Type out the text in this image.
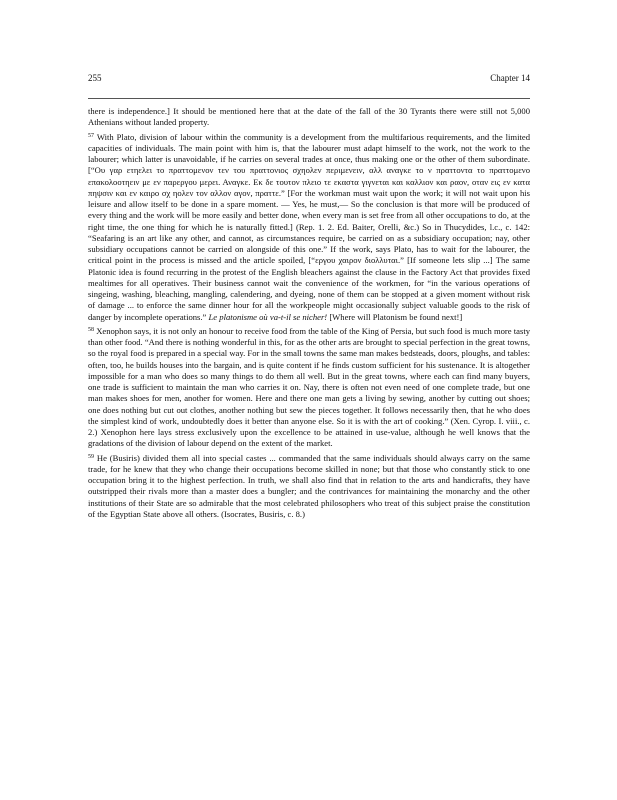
255	Chapter 14

there is independence.] It should be mentioned here that at the date of the fall of the 30 Tyrants there were still not 5,000 Athenians without landed property.

$^{57}$ With Plato, division of labour within the community is a development from the multifarious requirements, and the limited capacities of individuals. The main point with him is, that the labourer must adapt himself to the work, not the work to the labourer; which latter is unavoidable, if he carries on several trades at once, thus making one or the other of them subordinate. [“Ου γαρ ετηελει το πραττομενον τεν του πραττονιος σχηολεν περιμενειν, αλλ αναγκε το ν πραττοντα το πραττομενο επακολοοτηειν με εν παρεργου μερει. Αναγκε. Εκ δε τουτον πλειο τε εκαστα γιγνεται και καλλιον και ραον, οταν εις εν κατα πηψσιν και εν καιρο σχ ηολεν τον αλλον αγον, πραττε.” [For the workman must wait upon the work; it will not wait upon his leisure and allow itself to be done in a spare moment. — Yes, he must,— So the conclusion is that more will be produced of every thing and the work will be more easily and better done, when every man is set free from all other occupations to do, at the right time, the one thing for which he is naturally fitted.] (Rep. 1. 2. Ed. Baiter, Orelli, &c.) So in Thucydides, l.c., c. 142: “Seafaring is an art like any other, and cannot, as circumstances require, be carried on as a subsidiary occupation; nay, other subsidiary occupations cannot be carried on alongside of this one.” If the work, says Plato, has to wait for the labourer, the critical point in the process is missed and the article spoiled, [“εργου χαιρον διολλυται.” [If someone lets slip ...] The same Platonic idea is found recurring in the protest of the English bleachers against the clause in the Factory Act that provides fixed mealtimes for all operatives. Their business cannot wait the convenience of the workmen, for “in the various operations of singeing, washing, bleaching, mangling, calendering, and dyeing, none of them can be stopped at a given moment without risk of damage ... to enforce the same dinner hour for all the workpeople might occasionally subject valuable goods to the risk of danger by incomplete operations.” Le platonisme où va-t-il se nicher! [Where will Platonism be found next!]

$^{58}$ Xenophon says, it is not only an honour to receive food from the table of the King of Persia, but such food is much more tasty than other food. “And there is nothing wonderful in this, for as the other arts are brought to special perfection in the great towns, so the royal food is prepared in a special way. For in the small towns the same man makes bedsteads, doors, ploughs, and tables: often, too, he builds houses into the bargain, and is quite content if he finds custom sufficient for his sustenance. It is altogether impossible for a man who does so many things to do them all well. But in the great towns, where each can find many buyers, one trade is sufficient to maintain the man who carries it on. Nay, there is often not even need of one complete trade, but one man makes shoes for men, another for women. Here and there one man gets a living by sewing, another by cutting out shoes; one does nothing but cut out clothes, another nothing but sew the pieces together. It follows necessarily then, that he who does the simplest kind of work, undoubtedly does it better than anyone else. So it is with the art of cooking.” (Xen. Cyrop. I. viii., c. 2.) Xenophon here lays stress exclusively upon the excellence to be attained in use-value, although he well knows that the gradations of the division of labour depend on the extent of the market.

$^{59}$ He (Busiris) divided them all into special castes ... commanded that the same individuals should always carry on the same trade, for he knew that they who change their occupations become skilled in none; but that those who constantly stick to one occupation bring it to the highest perfection. In truth, we shall also find that in relation to the arts and handicrafts, they have outstripped their rivals more than a master does a bungler; and the contrivances for maintaining the monarchy and the other institutions of their State are so admirable that the most celebrated philosophers who treat of this subject praise the constitution of the Egyptian State above all others. (Isocrates, Busiris, c. 8.)
